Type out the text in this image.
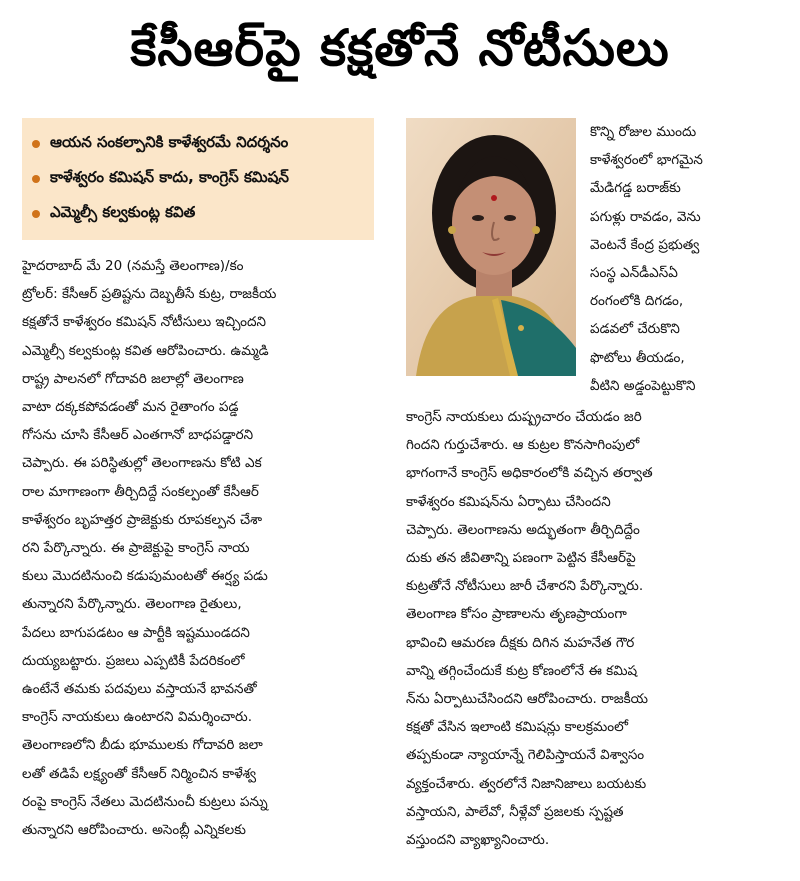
కేసీఆర్‌పై కక్షతోనే నోటీసులు
ఆయన సంకల్పానికి కాళేశ్వరమే నిదర్శనం
కాళేశ్వరం కమిషన్ కాదు, కాంగ్రెస్ కమిషన్
ఎమ్మెల్సీ కల్వకుంట్ల కవిత
హైదరాబాద్ మే 20 (నమస్తే తెలంగాణ)/కం
ట్రోలర్: కేసీఆర్ ప్రతిష్టను దెబ్బతీసే కుట్ర, రాజకీయ
కక్షతోనే కాళేశ్వరం కమిషన్ నోటీసులు ఇచ్చిందని
ఎమ్మెల్సీ కల్వకుంట్ల కవిత ఆరోపించారు. ఉమ్మడి
రాష్ట్ర పాలనలో గోదావరి జలాల్లో తెలంగాణ
వాటా దక్కకపోవడంతో మన రైతాంగం పడ్డ
గోసను చూసి కేసీఆర్ ఎంతగానో బాధపడ్డారని
చెప్పారు. ఈ పరిస్థితుల్లో తెలంగాణను కోటి ఎక
రాల మాగాణంగా తీర్చిదిద్దే సంకల్పంతో కేసీఆర్
కాళేశ్వరం బృహత్తర ప్రాజెక్టుకు రూపకల్పన చేశా
రని పేర్కొన్నారు. ఈ ప్రాజెక్టుపై కాంగ్రెస్ నాయ
కులు మొదటినుంచి కడుపుమంటతో ఈర్ష్య పడు
తున్నారని పేర్కొన్నారు. తెలంగాణ రైతులు,
పేదలు బాగుపడటం ఆ పార్టీకి ఇష్టముండదని
దుయ్యబట్టారు. ప్రజలు ఎప్పటికీ పేదరికంలో
ఉంటేనే తమకు పదవులు వస్తాయనే భావనతో
కాంగ్రెస్ నాయకులు ఉంటారని విమర్శించారు.
తెలంగాణలోని బీడు భూములకు గోదావరి జలా
లతో తడిపే లక్ష్యంతో కేసీఆర్ నిర్మించిన కాళేశ్వ
రంపై కాంగ్రెస్ నేతలు మెదటినుంచీ కుట్రలు పన్ను
తున్నారని ఆరోపించారు. అసెంబ్లీ ఎన్నికలకు
కొన్ని రోజుల ముందు
కాళేశ్వరంలో భాగమైన
మేడిగడ్డ బరాజ్‌కు
పగుళ్లు రావడం, వెను
వెంటనే కేంద్ర ప్రభుత్వ
సంస్థ ఎన్‌డీఎస్‌ఏ
రంగంలోకి దిగడం,
పడవలో చేరుకొని
ఫొటోలు తీయడం,
వీటిని అడ్డంపెట్టుకొని
కాంగ్రెస్ నాయకులు దుష్ప్రచారం చేయడం జరి
గిందని గుర్తుచేశారు. ఆ కుట్రల కొనసాగింపులో
భాగంగానే కాంగ్రెస్ అధికారంలోకి వచ్చిన తర్వాత
కాళేశ్వరం కమిషన్‌ను ఏర్పాటు చేసిందని
చెప్పారు. తెలంగాణను అద్భుతంగా తీర్చిదిద్దేం
దుకు తన జీవితాన్ని పణంగా పెట్టిన కేసీఆర్‌పై
కుట్రతోనే నోటీసులు జారీ చేశారని పేర్కొన్నారు.
తెలంగాణ కోసం ప్రాణాలను తృణప్రాయంగా
భావించి ఆమరణ దీక్షకు దిగిన మహనేత గౌర
వాన్ని తగ్గించేందుకే కుట్ర కోణంలోనే ఈ కమిష
న్‌ను ఏర్పాటుచేసిందని ఆరోపించారు. రాజకీయ
కక్షతో వేసిన ఇలాంటి కమిషన్లు కాలక్రమంలో
తప్పకుండా న్యాయాన్నే గెలిపిస్తాయనే విశ్వాసం
వ్యక్తంచేశారు. త్వరలోనే నిజానిజాలు బయటకు
వస్తాయని, పాలేవో, నీళ్లేవో ప్రజలకు స్పష్టత
వస్తుందని వ్యాఖ్యానించారు.
